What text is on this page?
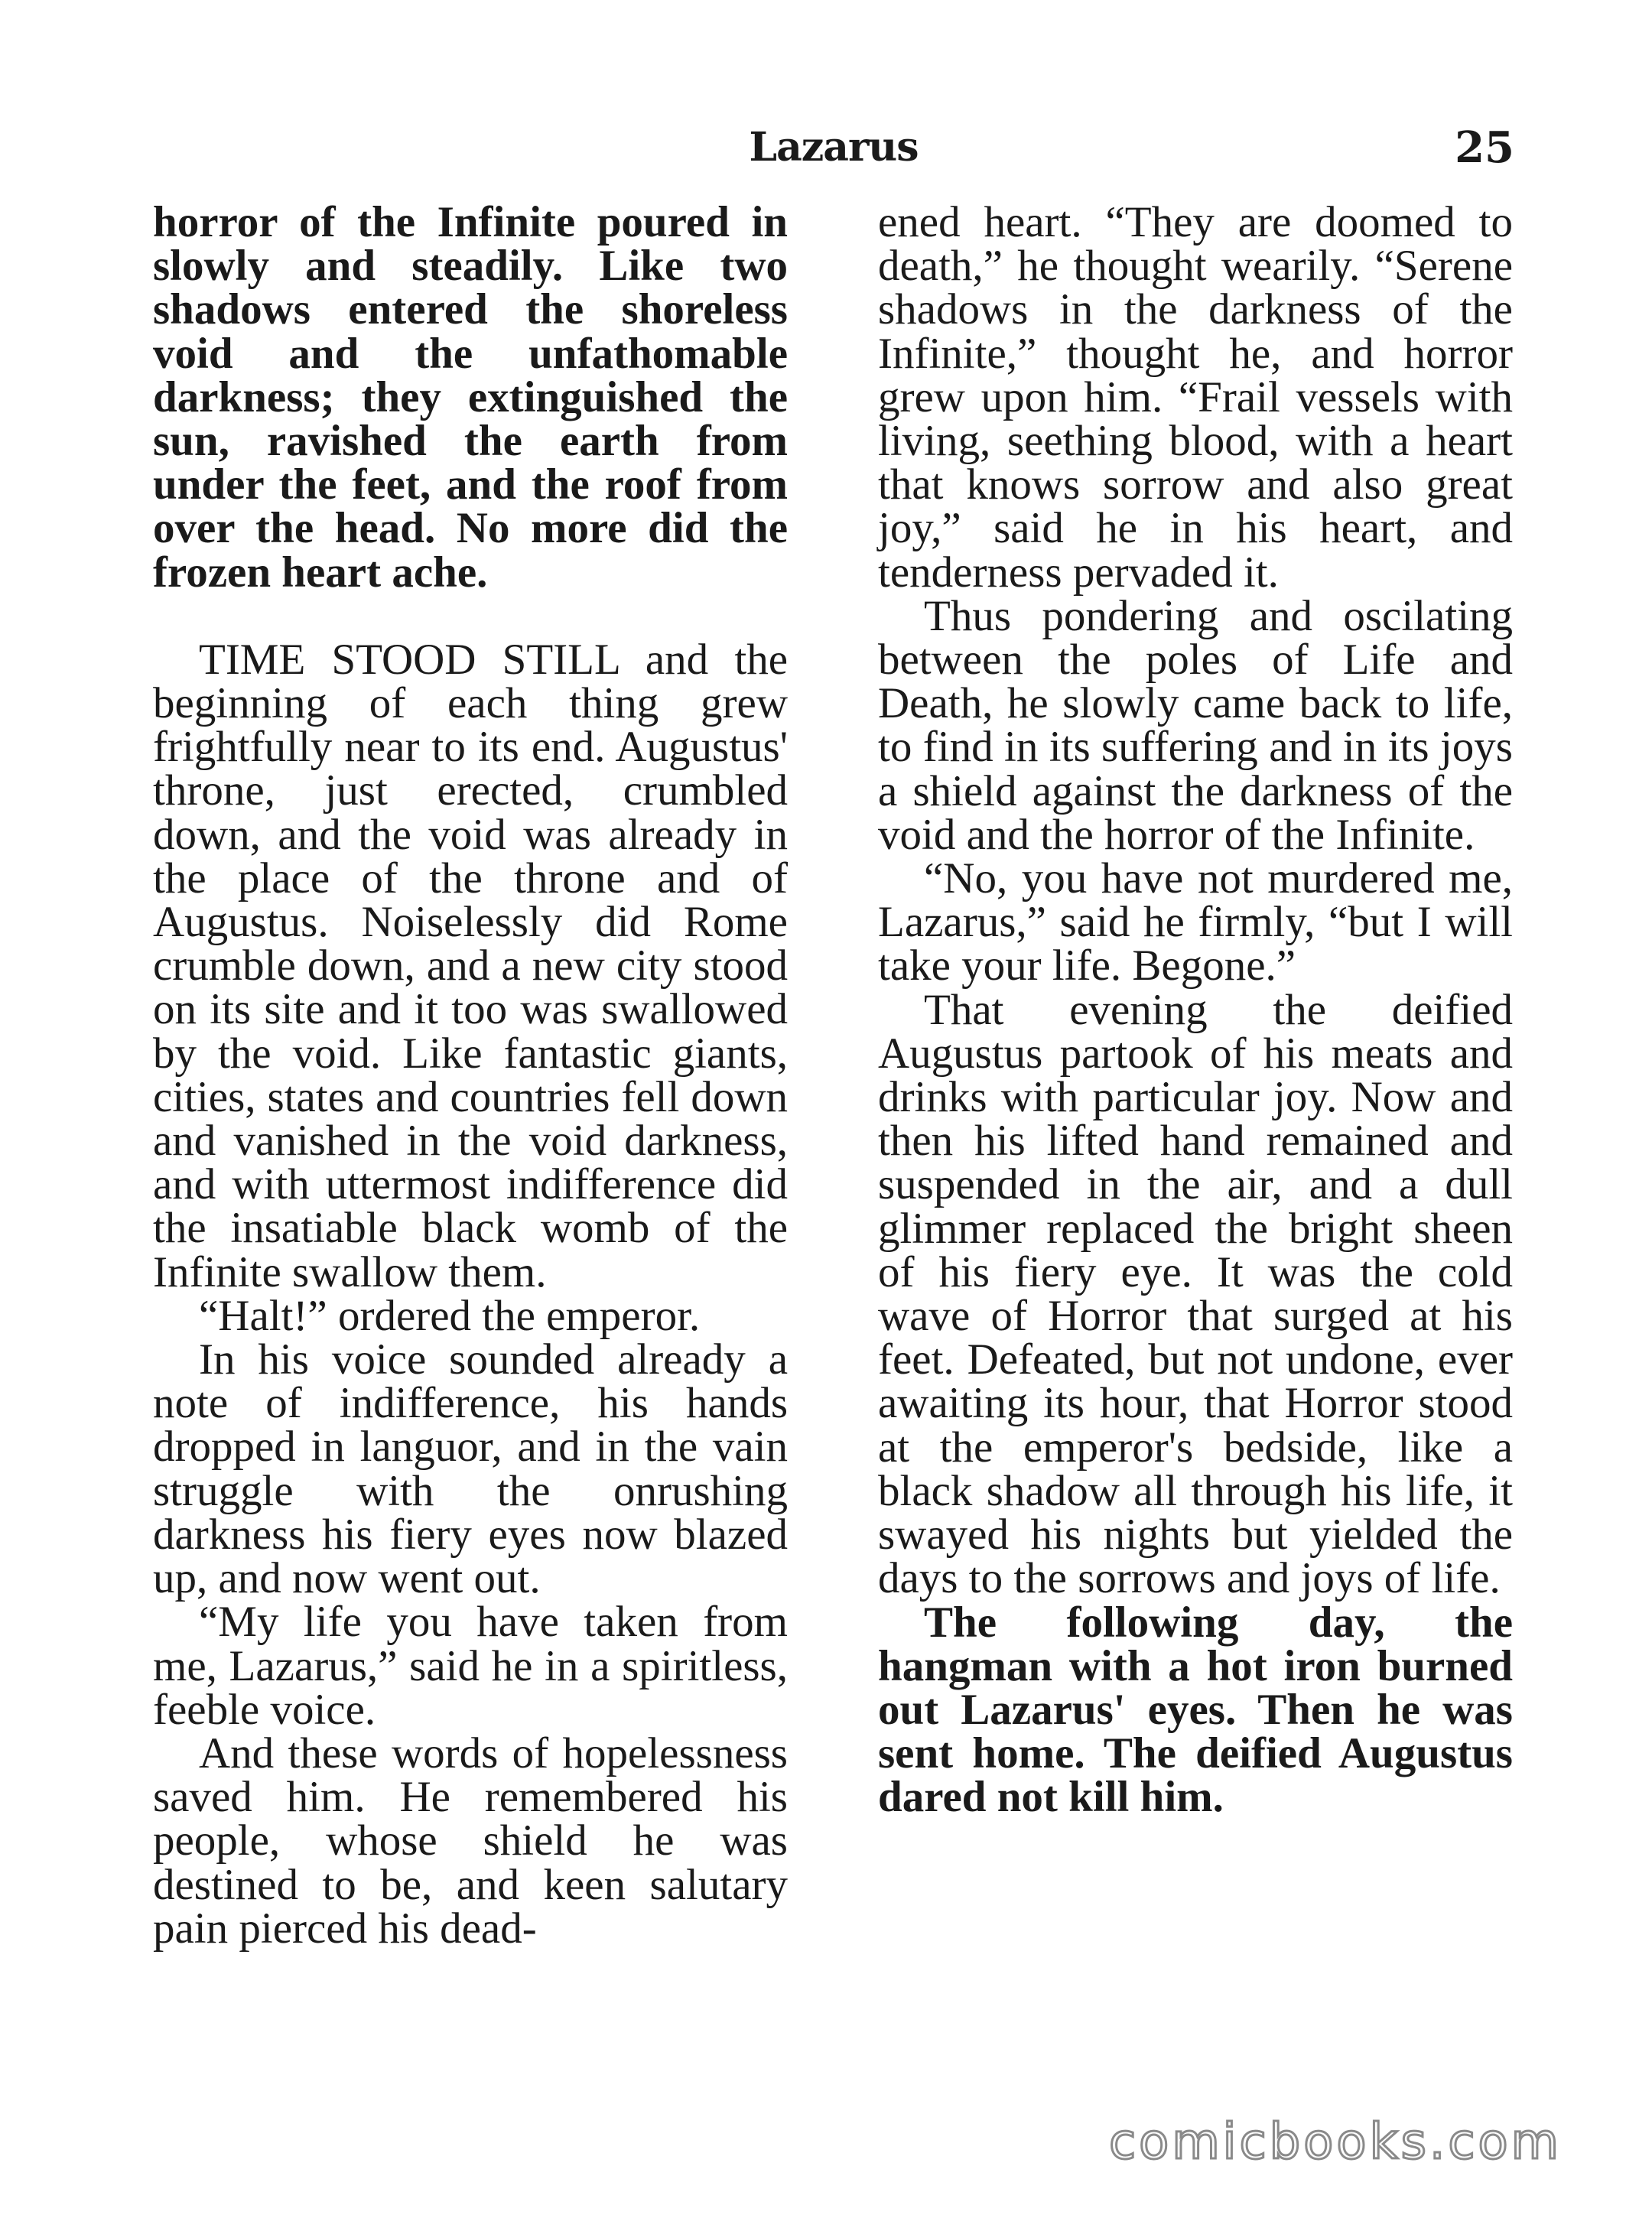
Lazarus	25

horror of the Infinite poured in slowly and steadily. Like two shadows entered the shoreless void and the unfathomable darkness; they extinguished the sun, ravished the earth from under the feet, and the roof from over the head. No more did the frozen heart ache.

TIME STOOD STILL and the beginning of each thing grew frightfully near to its end. Augustus' throne, just erected, crumbled down, and the void was already in the place of the throne and of Augustus. Noiselessly did Rome crumble down, and a new city stood on its site and it too was swallowed by the void. Like fantastic giants, cities, states and countries fell down and vanished in the void darkness, and with uttermost indifference did the insatiable black womb of the Infinite swallow them.

“Halt!” ordered the emperor.

In his voice sounded already a note of indifference, his hands dropped in languor, and in the vain struggle with the onrushing darkness his fiery eyes now blazed up, and now went out.

“My life you have taken from me, Lazarus,” said he in a spiritless, feeble voice.

And these words of hopelessness saved him. He remembered his people, whose shield he was destined to be, and keen salutary pain pierced his dead-

ened heart. “They are doomed to death,” he thought wearily. “Serene shadows in the darkness of the Infinite,” thought he, and horror grew upon him. “Frail vessels with living, seething blood, with a heart that knows sorrow and also great joy,” said he in his heart, and tenderness pervaded it.

Thus pondering and oscilating between the poles of Life and Death, he slowly came back to life, to find in its suffering and in its joys a shield against the darkness of the void and the horror of the Infinite.

“No, you have not murdered me, Lazarus,” said he firmly, “but I will take your life. Begone.”

That evening the deified Augustus partook of his meats and drinks with particular joy. Now and then his lifted hand remained and suspended in the air, and a dull glimmer replaced the bright sheen of his fiery eye. It was the cold wave of Horror that surged at his feet. Defeated, but not undone, ever awaiting its hour, that Horror stood at the emperor's bedside, like a black shadow all through his life, it swayed his nights but yielded the days to the sorrows and joys of life.

The following day, the hangman with a hot iron burned out Lazarus' eyes. Then he was sent home. The deified Augustus dared not kill him.

comicbooks.com
